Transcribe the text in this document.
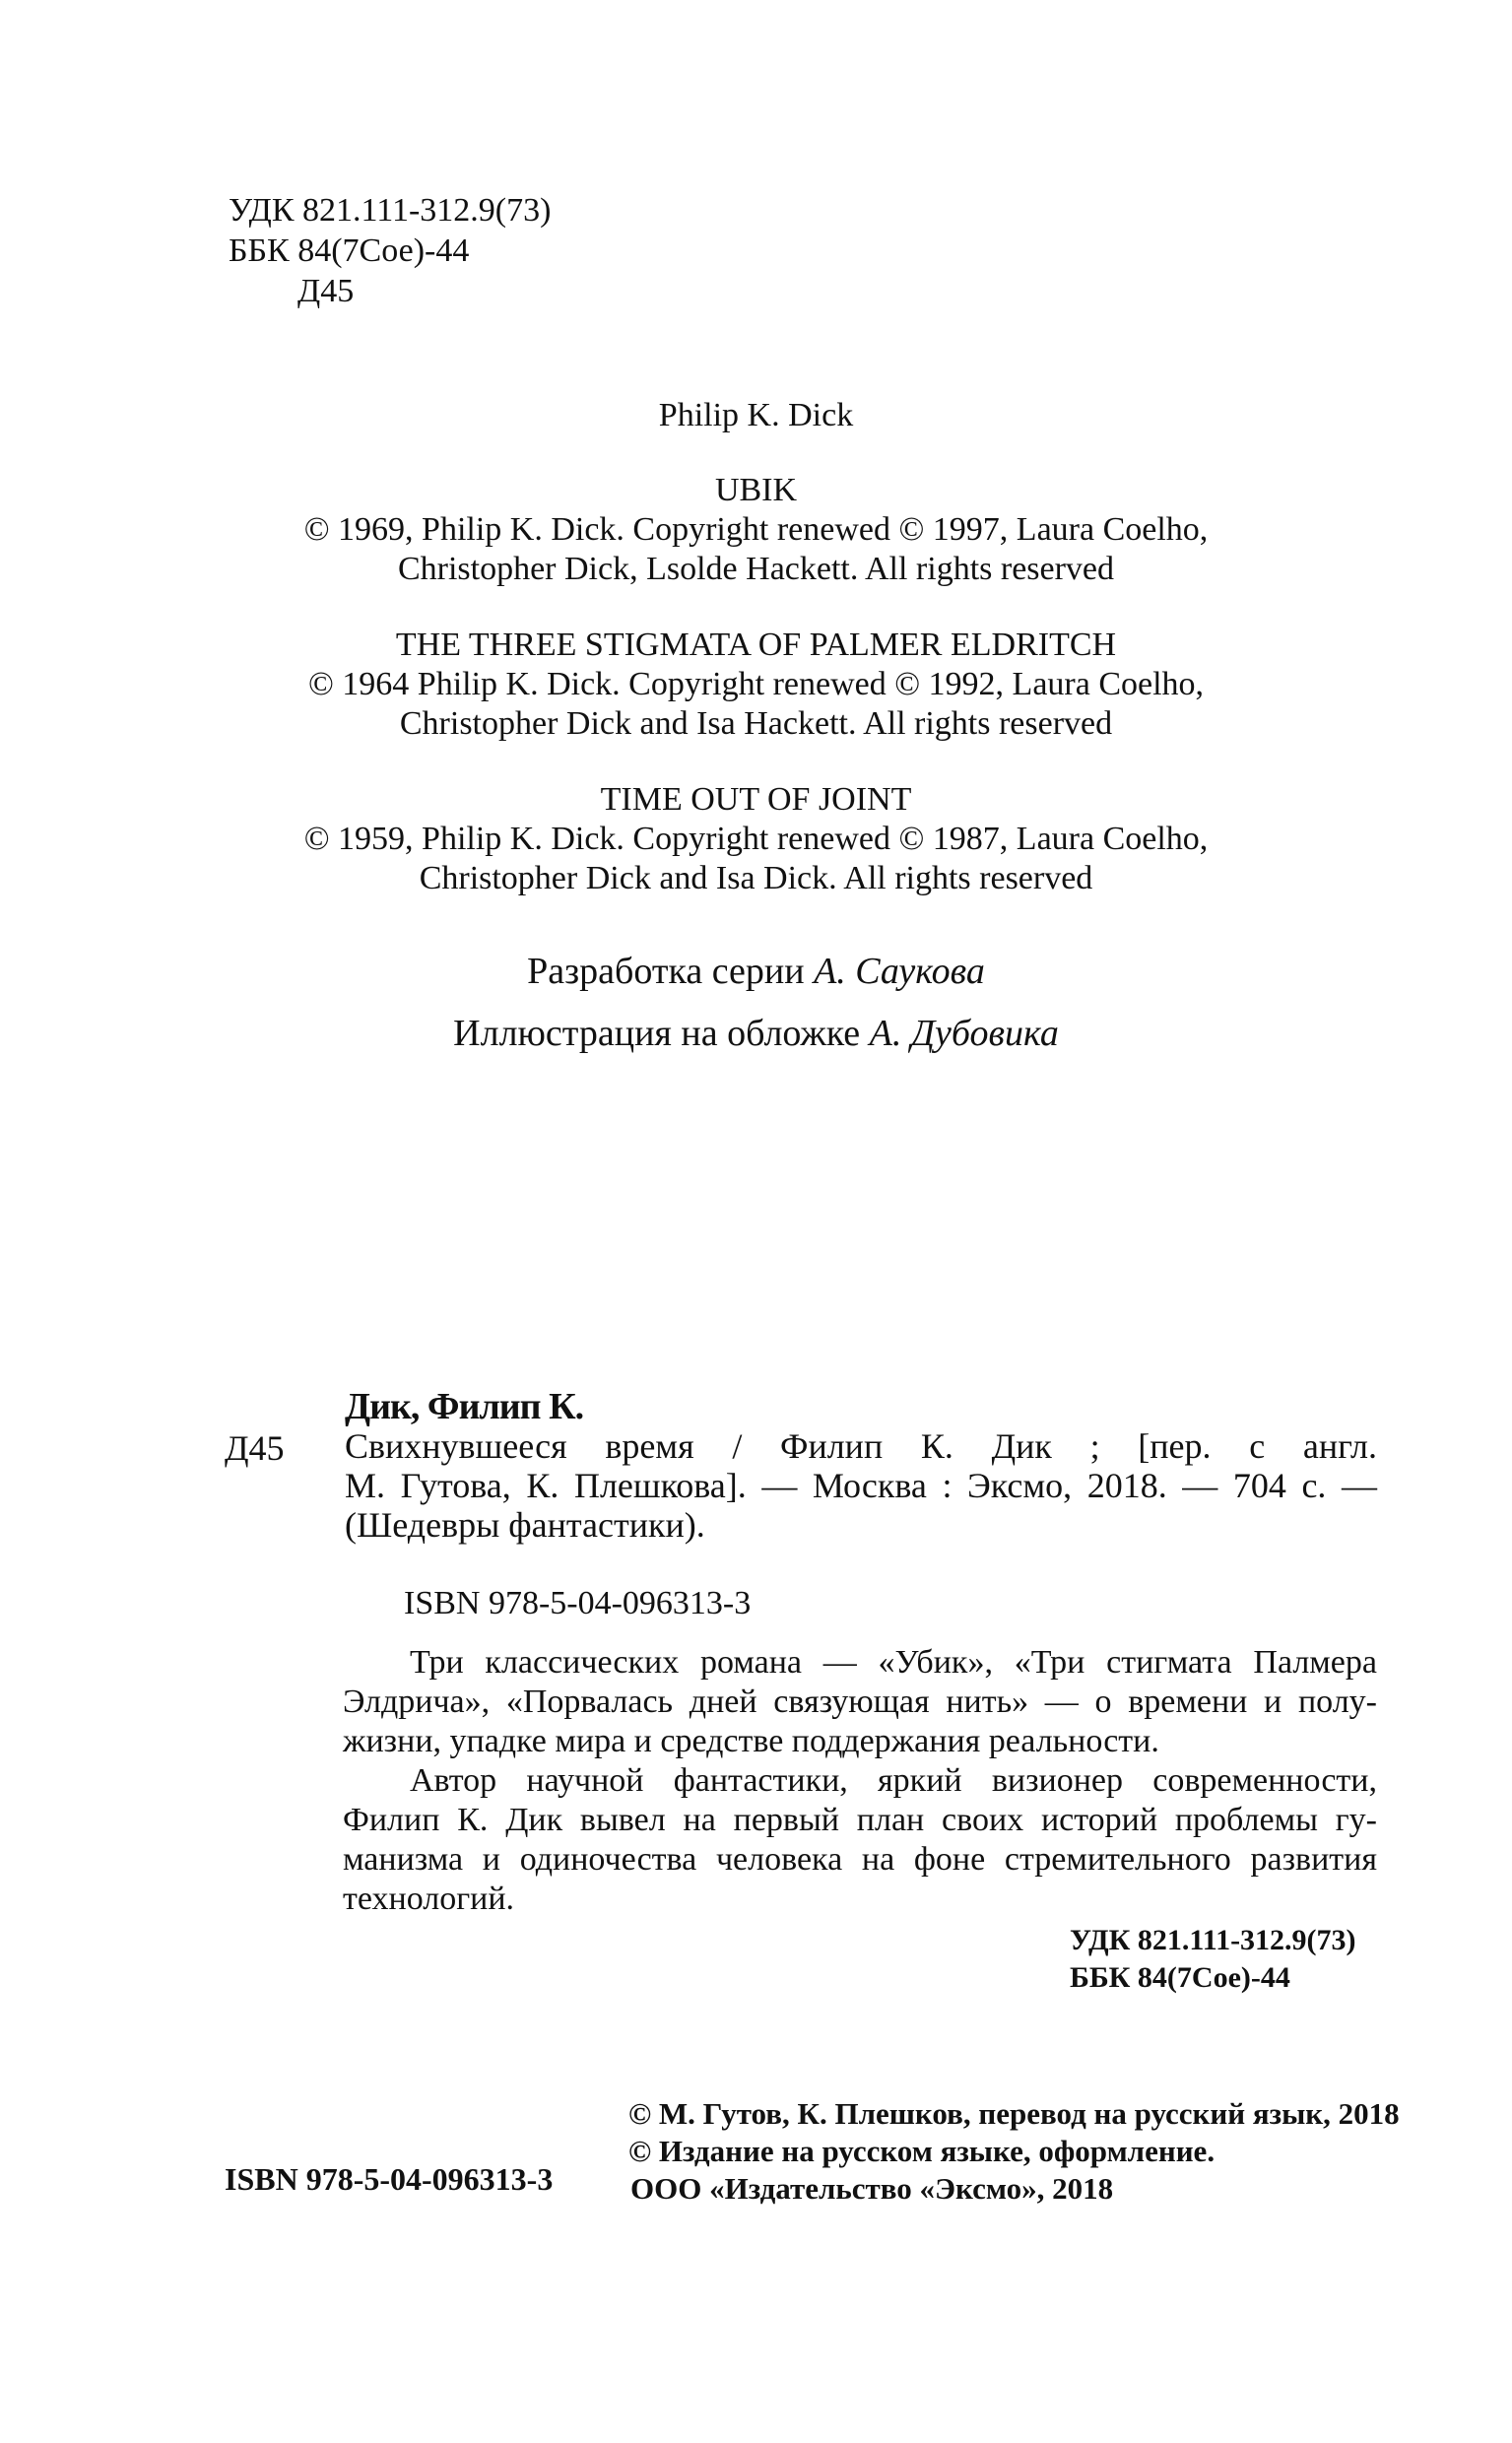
УДК 821.111-312.9(73)
ББК 84(7Сое)-44
Д45
Philip K. Dick
UBIK
© 1969, Philip K. Dick. Copyright renewed © 1997, Laura Coelho,
Christopher Dick, Lsolde Hackett. All rights reserved
THE THREE STIGMATA OF PALMER ELDRITCH
© 1964 Philip K. Dick. Copyright renewed © 1992, Laura Coelho,
Christopher Dick and Isa Hackett. All rights reserved
TIME OUT OF JOINT
© 1959, Philip K. Dick. Copyright renewed © 1987, Laura Coelho,
Christopher Dick and Isa Dick. All rights reserved
Разработка серии А. Саукова
Иллюстрация на обложке А. Дубовика
Дик, Филип К.
Д45 Свихнувшееся время / Филип К. Дик ; [пер. с англ.
М. Гутова, К. Плешкова]. — Москва : Эксмо, 2018. — 704 с. —
(Шедевры фантастики).
ISBN 978-5-04-096313-3
Три классических романа — «Убик», «Три стигмата Палмера
Элдрича», «Порвалась дней связующая нить» — о времени и полу-
жизни, упадке мира и средстве поддержания реальности.
Автор научной фантастики, яркий визионер современности,
Филип К. Дик вывел на первый план своих историй проблемы гу-
манизма и одиночества человека на фоне стремительного развития
технологий.
УДК 821.111-312.9(73)
ББК 84(7Сое)-44
© М. Гутов, К. Плешков, перевод на русский язык, 2018
© Издание на русском языке, оформление.
ООО «Издательство «Эксмо», 2018
ISBN 978-5-04-096313-3
